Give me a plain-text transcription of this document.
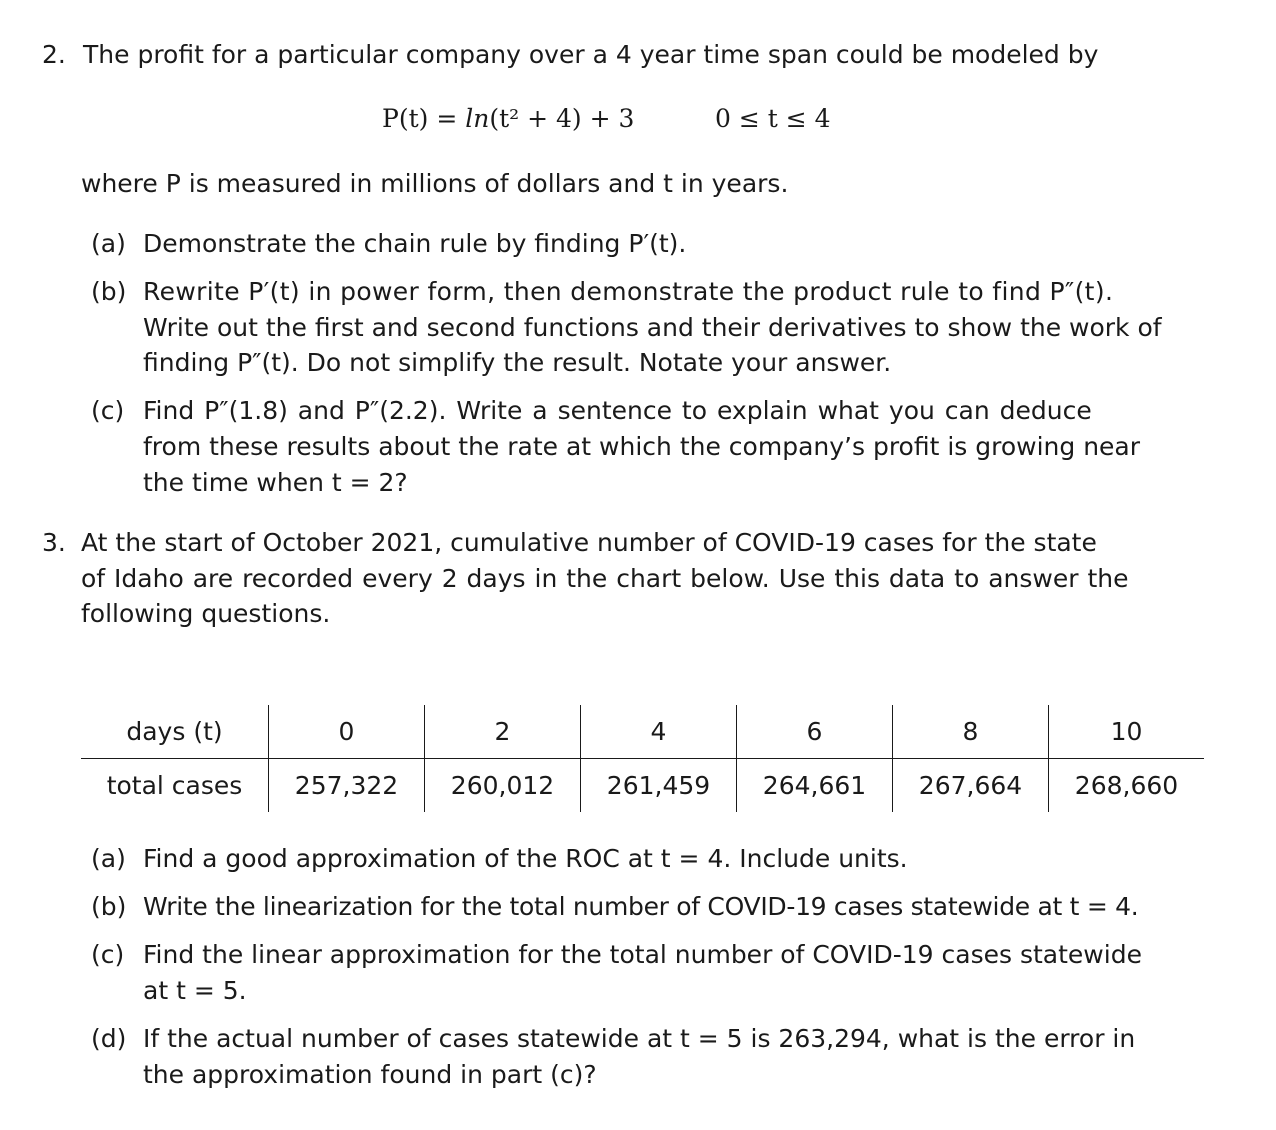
2. The profit for a particular company over a 4 year time span could be modeled by
P(t) = ln(t² + 4) + 3	0 ≤ t ≤ 4
where P is measured in millions of dollars and t in years.
(a) Demonstrate the chain rule by finding P′(t).
(b) Rewrite P′(t) in power form, then demonstrate the product rule to find P″(t).
Write out the first and second functions and their derivatives to show the work of
finding P″(t). Do not simplify the result. Notate your answer.
(c) Find P″(1.8) and P″(2.2). Write a sentence to explain what you can deduce
from these results about the rate at which the company’s profit is growing near
the time when t = 2?
3. At the start of October 2021, cumulative number of COVID-19 cases for the state
of Idaho are recorded every 2 days in the chart below. Use this data to answer the
following questions.
days (t)	0	2	4	6	8	10
total cases	257,322	260,012	261,459	264,661	267,664	268,660
(a) Find a good approximation of the ROC at t = 4. Include units.
(b) Write the linearization for the total number of COVID-19 cases statewide at t = 4.
(c) Find the linear approximation for the total number of COVID-19 cases statewide
at t = 5.
(d) If the actual number of cases statewide at t = 5 is 263,294, what is the error in
the approximation found in part (c)?
